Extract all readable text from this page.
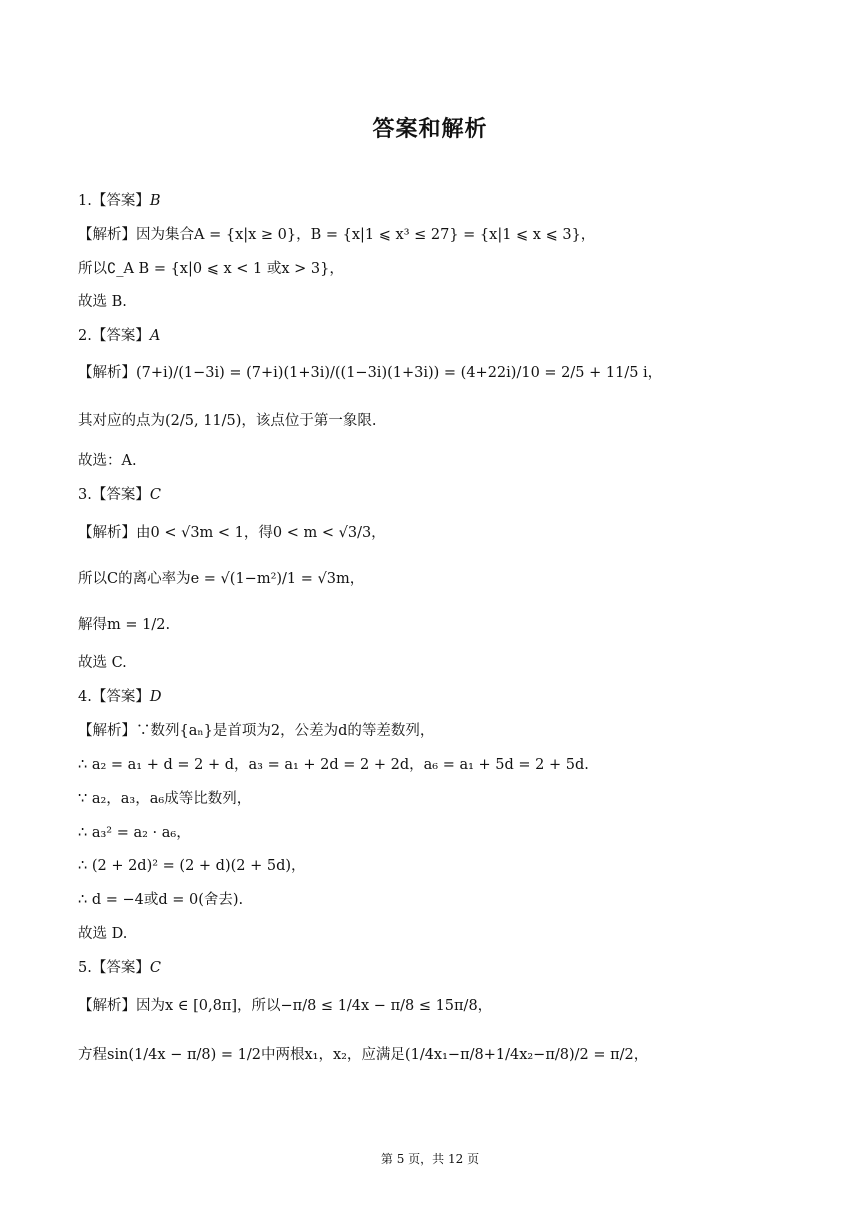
答案和解析
1.【答案】B
【解析】因为集合A = {x|x ≥ 0}，B = {x|1 ⩽ x³ ≤ 27} = {x|1 ⩽ x ⩽ 3}，
所以∁_A B = {x|0 ⩽ x < 1 或x > 3}，
故选 B.
2.【答案】A
【解析】(7+i)/(1−3i) = (7+i)(1+3i)/((1−3i)(1+3i)) = (4+22i)/10 = 2/5 + 11/5 i，
其对应的点为(2/5, 11/5)，该点位于第一象限.
故选：A.
3.【答案】C
【解析】由0 < √3m < 1，得0 < m < √3/3，
所以C的离心率为e = √(1−m²)/1 = √3m，
解得m = 1/2.
故选 C.
4.【答案】D
【解析】∵数列{aₙ}是首项为2，公差为d的等差数列，
∴ a₂ = a₁ + d = 2 + d，a₃ = a₁ + 2d = 2 + 2d，a₆ = a₁ + 5d = 2 + 5d.
∵ a₂，a₃，a₆成等比数列，
∴ a₃² = a₂ · a₆，
∴ (2 + 2d)² = (2 + d)(2 + 5d)，
∴ d = −4或d = 0(舍去).
故选 D.
5.【答案】C
【解析】因为x ∈ [0,8π]，所以−π/8 ≤ 1/4x − π/8 ≤ 15π/8，
方程sin(1/4x − π/8) = 1/2中两根x₁，x₂，应满足(1/4x₁−π/8+1/4x₂−π/8)/2 = π/2，
第 5 页，共 12 页
